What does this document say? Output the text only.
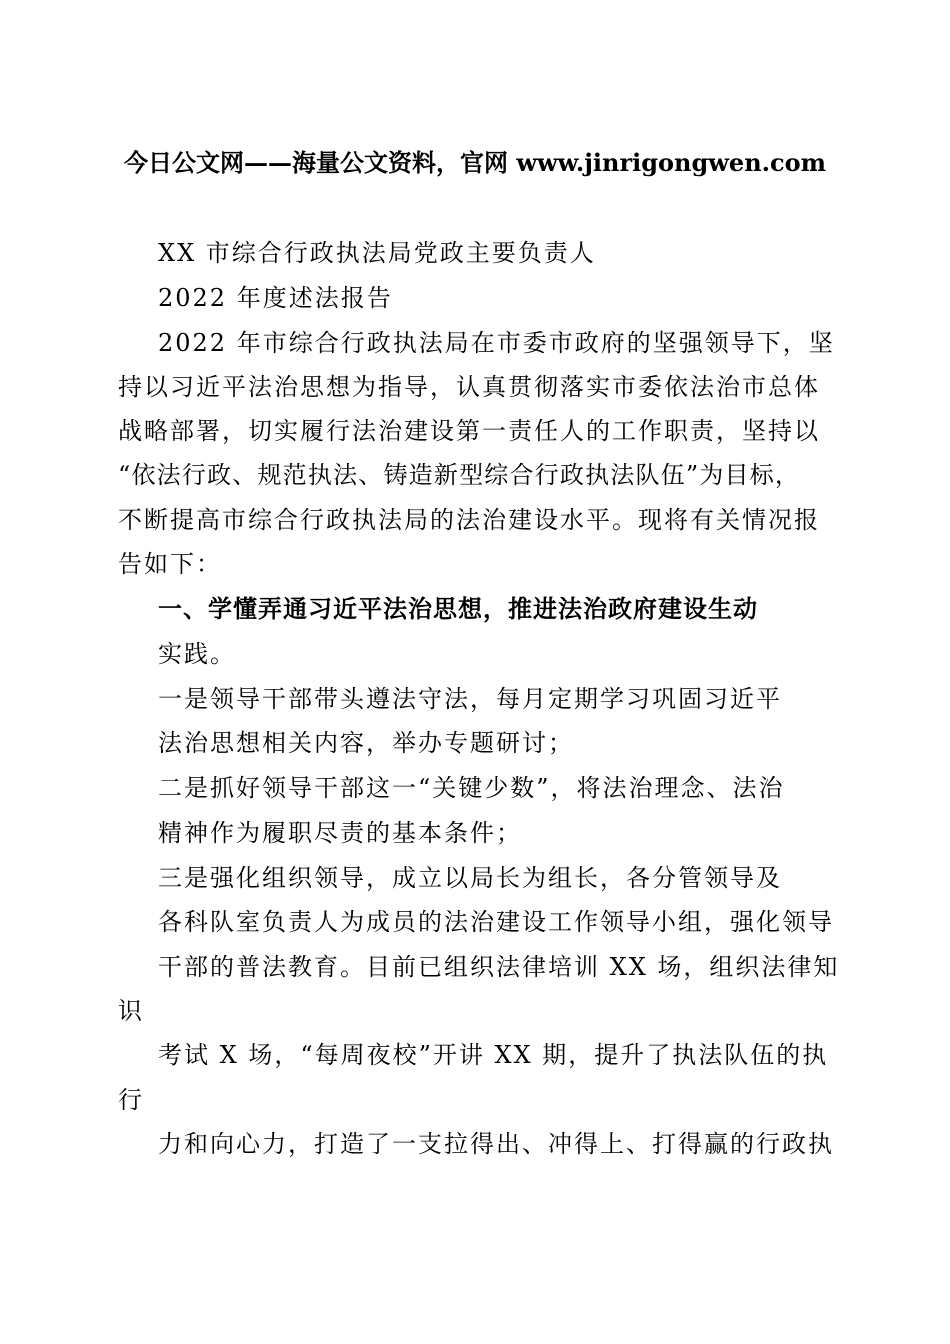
今日公文网——海量公文资料，官网 www.jinrigongwen.com
XX 市综合行政执法局党政主要负责人
2022 年度述法报告
2022 年市综合行政执法局在市委市政府的坚强领导下，坚
持以习近平法治思想为指导，认真贯彻落实市委依法治市总体
战略部署，切实履行法治建设第一责任人的工作职责，坚持以
“依法行政、规范执法、铸造新型综合行政执法队伍”为目标，
不断提高市综合行政执法局的法治建设水平。现将有关情况报
告如下：
一、学懂弄通习近平法治思想，推进法治政府建设生动
实践。
一是领导干部带头遵法守法，每月定期学习巩固习近平
法治思想相关内容，举办专题研讨；
二是抓好领导干部这一“关键少数”，将法治理念、法治
精神作为履职尽责的基本条件；
三是强化组织领导，成立以局长为组长，各分管领导及
各科队室负责人为成员的法治建设工作领导小组，强化领导
干部的普法教育。目前已组织法律培训 XX 场，组织法律知
识
考试 X 场，“每周夜校”开讲 XX 期，提升了执法队伍的执
行
力和向心力，打造了一支拉得出、冲得上、打得赢的行政执
